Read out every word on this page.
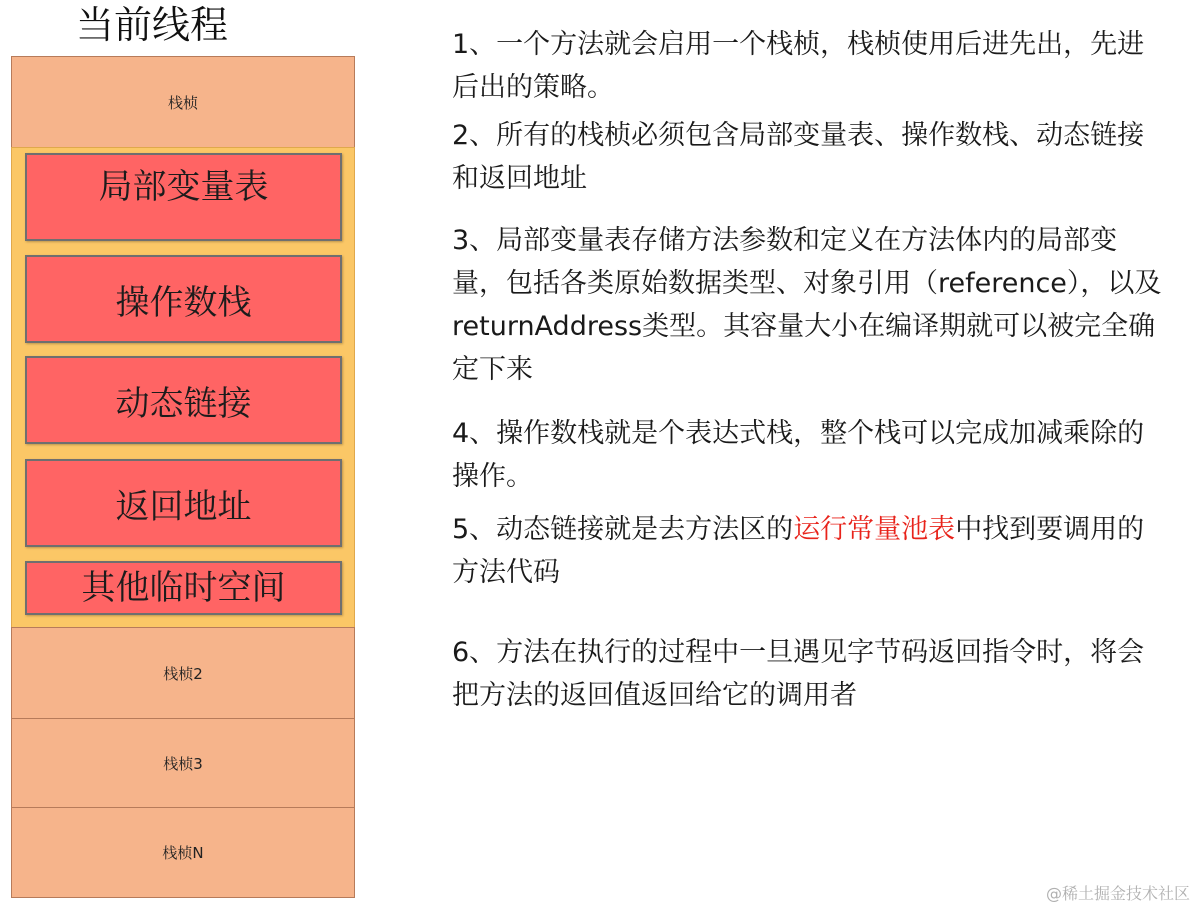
当前线程
栈桢
局部变量表
操作数栈
动态链接
返回地址
其他临时空间
栈桢2
栈桢3
栈桢N

1、一个方法就会启用一个栈桢，栈桢使用后进先出，先进后出的策略。

2、所有的栈桢必须包含局部变量表、操作数栈、动态链接和返回地址

3、局部变量表存储方法参数和定义在方法体内的局部变量，包括各类原始数据类型、对象引用（reference），以及returnAddress类型。其容量大小在编译期就可以被完全确定下来

4、操作数栈就是个表达式栈，整个栈可以完成加减乘除的操作。

5、动态链接就是去方法区的运行常量池表中找到要调用的方法代码

6、方法在执行的过程中一旦遇见字节码返回指令时，将会把方法的返回值返回给它的调用者

@稀土掘金技术社区
